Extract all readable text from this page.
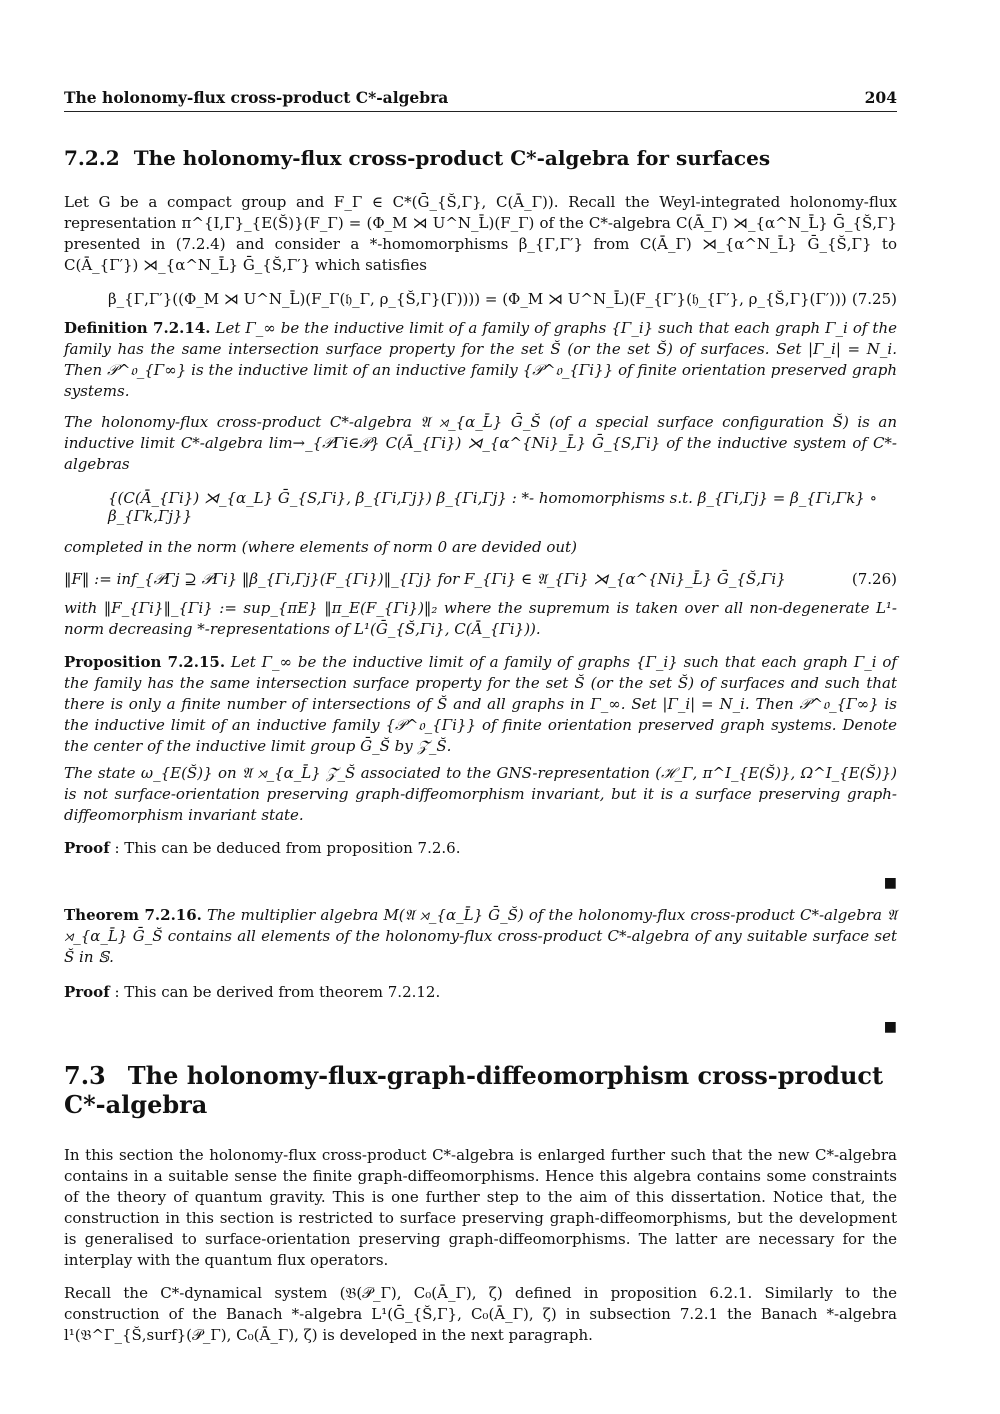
The holonomy-flux cross-product C*-algebra	204
7.2.2 The holonomy-flux cross-product C*-algebra for surfaces

Let G be a compact group and F_Γ ∈ C*(Ḡ_{S̆,Γ}, C(Ā_Γ)). Recall the Weyl-integrated holonomy-flux representation π^{I,Γ}_{E(S̆)}(F_Γ) = (Φ_M ⋊ U^N_L̄)(F_Γ) of the C*-algebra C(Ā_Γ) ⋊_{α^N_L̄} Ḡ_{S̆,Γ} presented in (7.2.4) and consider a *-homomorphisms β_{Γ,Γ′} from C(Ā_Γ) ⋊_{α^N_L̄} Ḡ_{S̆,Γ} to C(Ā_{Γ′}) ⋊_{α^N_L̄} Ḡ_{S̆,Γ′} which satisfies

β_{Γ,Γ′}((Φ_M ⋊ U^N_L̄)(F_Γ(𝔥_Γ, ρ_{S̆,Γ}(Γ)))) = (Φ_M ⋊ U^N_L̄)(F_{Γ′}(𝔥_{Γ′}, ρ_{S̆,Γ}(Γ′))) (7.25)

Definition 7.2.14. Let Γ_∞ be the inductive limit of a family of graphs {Γ_i} such that each graph Γ_i of the family has the same intersection surface property for the set S̆ (or the set S̆) of surfaces. Set |Γ_i| = N_i. Then 𝒫^𝔬_{Γ∞} is the inductive limit of an inductive family {𝒫^𝔬_{Γi}} of finite orientation preserved graph systems.

The holonomy-flux cross-product C*-algebra 𝔄 ⋊_{α_L̄} Ḡ_S̆ (of a special surface configuration S̆) is an inductive limit C*-algebra lim→_{𝒫Γi∈𝒫} C(Ā_{Γi}) ⋊_{α^{Ni}_L̄} Ḡ_{S,Γi} of the inductive system of C*-algebras

{(C(Ā_{Γi}) ⋊_{α_L} Ḡ_{S,Γi}, β_{Γi,Γj}) β_{Γi,Γj} : *- homomorphisms s.t. β_{Γi,Γj} = β_{Γi,Γk} ∘ β_{Γk,Γj}}

completed in the norm (where elements of norm 0 are devided out)

‖F‖ := inf_{𝒫Γj ⊇ 𝒫Γi} ‖β_{Γi,Γj}(F_{Γi})‖_{Γj} for F_{Γi} ∈ 𝔄_{Γi} ⋊_{α^{Ni}_L̄} Ḡ_{S̆,Γi}	(7.26)

with ‖F_{Γi}‖_{Γi} := sup_{πE} ‖π_E(F_{Γi})‖₂ where the supremum is taken over all non-degenerate L¹-norm decreasing *-representations of L¹(Ḡ_{S̆,Γi}, C(Ā_{Γi})).

Proposition 7.2.15. Let Γ_∞ be the inductive limit of a family of graphs {Γ_i} such that each graph Γ_i of the family has the same intersection surface property for the set S̆ (or the set S̆) of surfaces and such that there is only a finite number of intersections of S̆ and all graphs in Γ_∞. Set |Γ_i| = N_i. Then 𝒫^𝔬_{Γ∞} is the inductive limit of an inductive family {𝒫^𝔬_{Γi}} of finite orientation preserved graph systems. Denote the center of the inductive limit group Ḡ_S̆ by 𝒵̄_S̆.

The state ω_{E(S̆)} on 𝔄 ⋊_{α_L̄} 𝒵̄_S̆ associated to the GNS-representation (ℋ_Γ, π^I_{E(S̆)}, Ω^I_{E(S̆)}) is not surface-orientation preserving graph-diffeomorphism invariant, but it is a surface preserving graph-diffeomorphism invariant state.

Proof : This can be deduced from proposition 7.2.6.

■

Theorem 7.2.16. The multiplier algebra M(𝔄 ⋊_{α_L̄} Ḡ_S̆) of the holonomy-flux cross-product C*-algebra 𝔄 ⋊_{α_L̄} Ḡ_S̆ contains all elements of the holonomy-flux cross-product C*-algebra of any suitable surface set S̆ in 𝕊.

Proof : This can be derived from theorem 7.2.12.

■
7.3 The holonomy-flux-graph-diffeomorphism cross-product C*-algebra

In this section the holonomy-flux cross-product C*-algebra is enlarged further such that the new C*-algebra contains in a suitable sense the finite graph-diffeomorphisms. Hence this algebra contains some constraints of the theory of quantum gravity. This is one further step to the aim of this dissertation. Notice that, the construction in this section is restricted to surface preserving graph-diffeomorphisms, but the development is generalised to surface-orientation preserving graph-diffeomorphisms. The latter are necessary for the interplay with the quantum flux operators.

Recall the C*-dynamical system (𝔅(𝒫_Γ), C₀(Ā_Γ), ζ) defined in proposition 6.2.1. Similarly to the construction of the Banach *-algebra L¹(Ḡ_{S̆,Γ}, C₀(Ā_Γ), ζ) in subsection 7.2.1 the Banach *-algebra l¹(𝔅^Γ_{S̆,surf}(𝒫_Γ), C₀(Ā_Γ), ζ) is developed in the next paragraph.
